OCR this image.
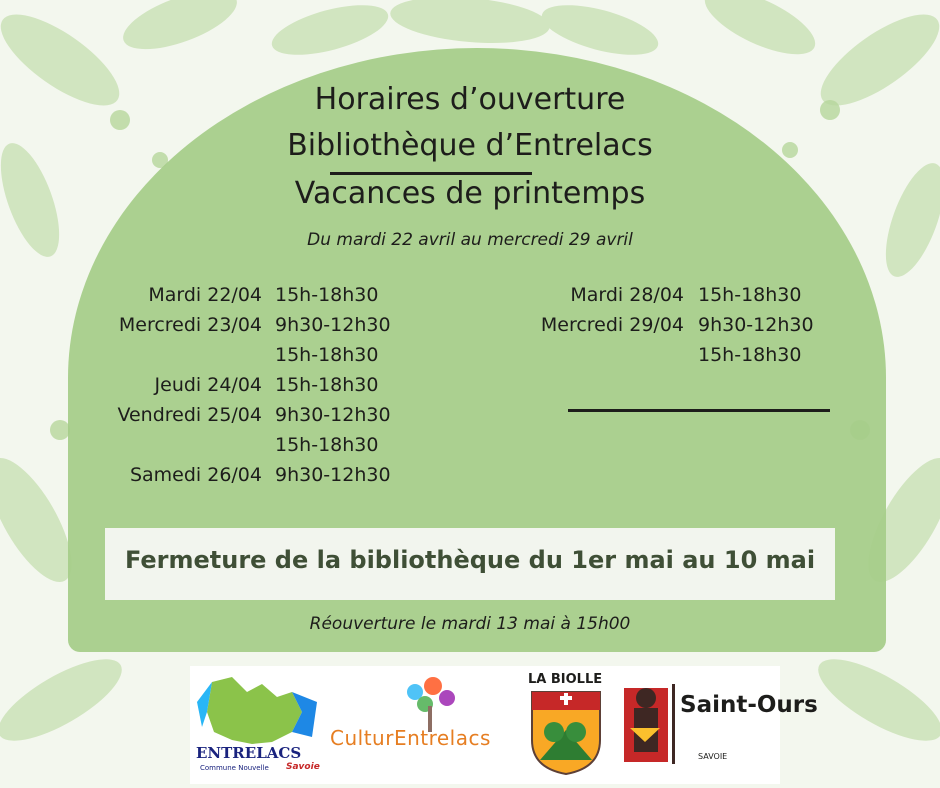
Horaires d’ouverture
Bibliothèque d’Entrelacs
Vacances de printemps
Du mardi 22 avril au mercredi 29 avril
Mardi 22/04 15h-18h30
Mercredi 23/04 9h30-12h30
15h-18h30
Jeudi 24/04 15h-18h30
Vendredi 25/04 9h30-12h30
15h-18h30
Samedi 26/04 9h30-12h30
Mardi 28/04 15h-18h30
Mercredi 29/04 9h30-12h30
15h-18h30
Fermeture de la bibliothèque du 1er mai au 10 mai
Réouverture le mardi 13 mai à 15h00
ENTRELACS
Commune Nouvelle Savoie
CulturEntrelacs
LA BIOLLE
Saint-Ours
SAVOIE
